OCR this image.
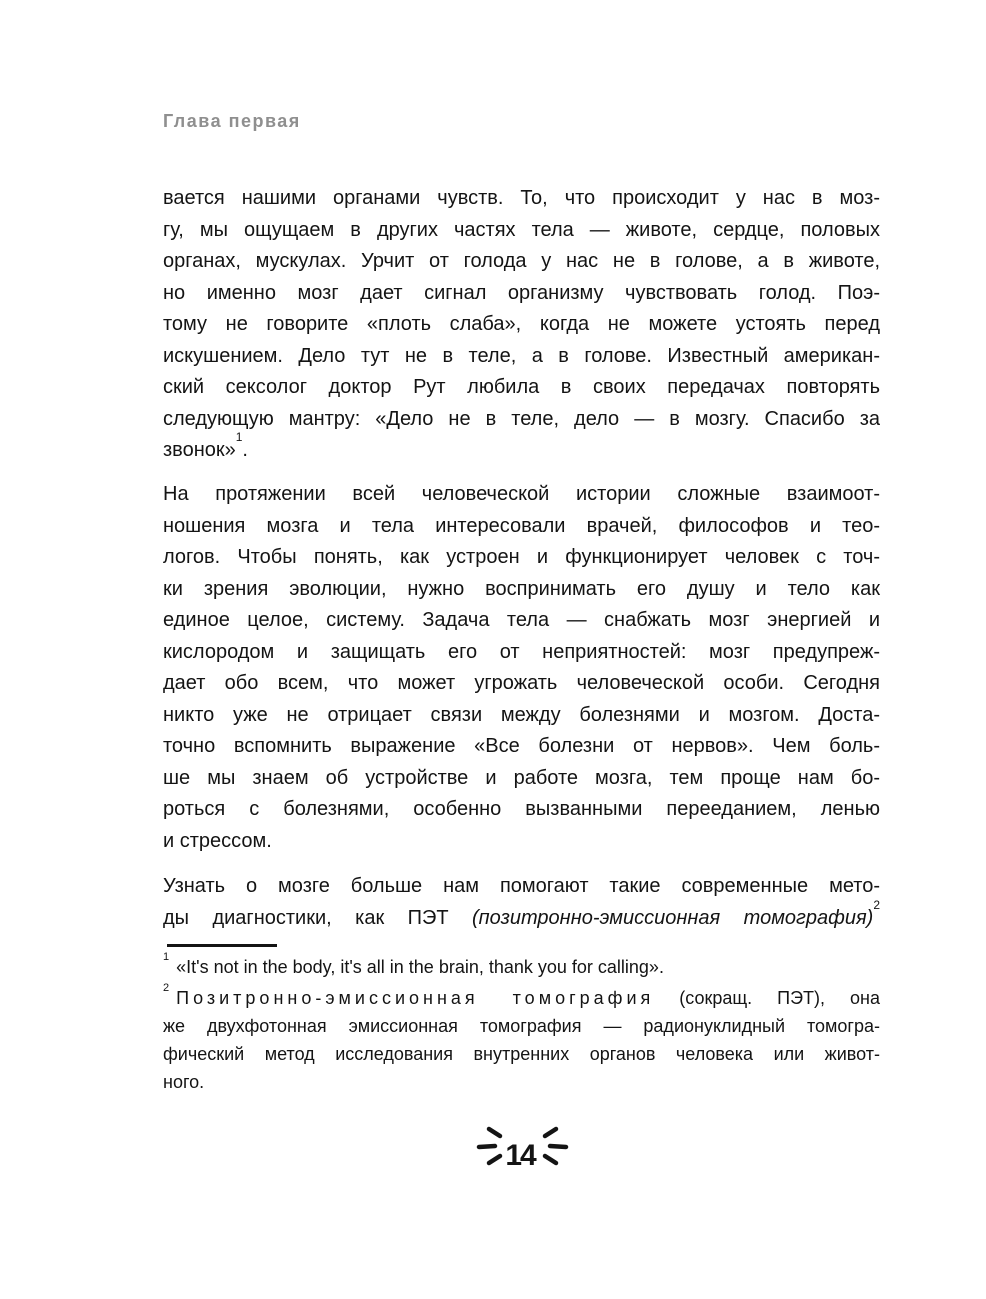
Глава первая
вается нашими органами чувств. То, что происходит у нас в моз-
гу, мы ощущаем в других частях тела — животе, сердце, половых
органах, мускулах. Урчит от голода у нас не в голове, а в животе,
но именно мозг дает сигнал организму чувствовать голод. Поэ-
тому не говорите «плоть слаба», когда не можете устоять перед
искушением. Дело тут не в теле, а в голове. Известный американ-
ский сексолог доктор Рут любила в своих передачах повторять
следующую мантру: «Дело не в теле, дело — в мозгу. Спасибо за
звонок»$^1$.
На протяжении всей человеческой истории сложные взаимоот-
ношения мозга и тела интересовали врачей, философов и тео-
логов. Чтобы понять, как устроен и функционирует человек с точ-
ки зрения эволюции, нужно воспринимать его душу и тело как
единое целое, систему. Задача тела — снабжать мозг энергией и
кислородом и защищать его от неприятностей: мозг предупреж-
дает обо всем, что может угрожать человеческой особи. Сегодня
никто уже не отрицает связи между болезнями и мозгом. Доста-
точно вспомнить выражение «Все болезни от нервов». Чем боль-
ше мы знаем об устройстве и работе мозга, тем проще нам бо-
роться с болезнями, особенно вызванными перееданием, ленью
и стрессом.
Узнать о мозге больше нам помогают такие современные мето-
ды диагностики, как ПЭТ (позитронно-эмиссионная томография)$^2$
$^1$ «It's not in the body, it's all in the brain, thank you for calling».
$^2$ Позитронно-эмиссионная томография (сокращ. ПЭТ), она
же двухфотонная эмиссионная томография — радионуклидный томогра-
фический метод исследования внутренних органов человека или живот-
ного.
14
